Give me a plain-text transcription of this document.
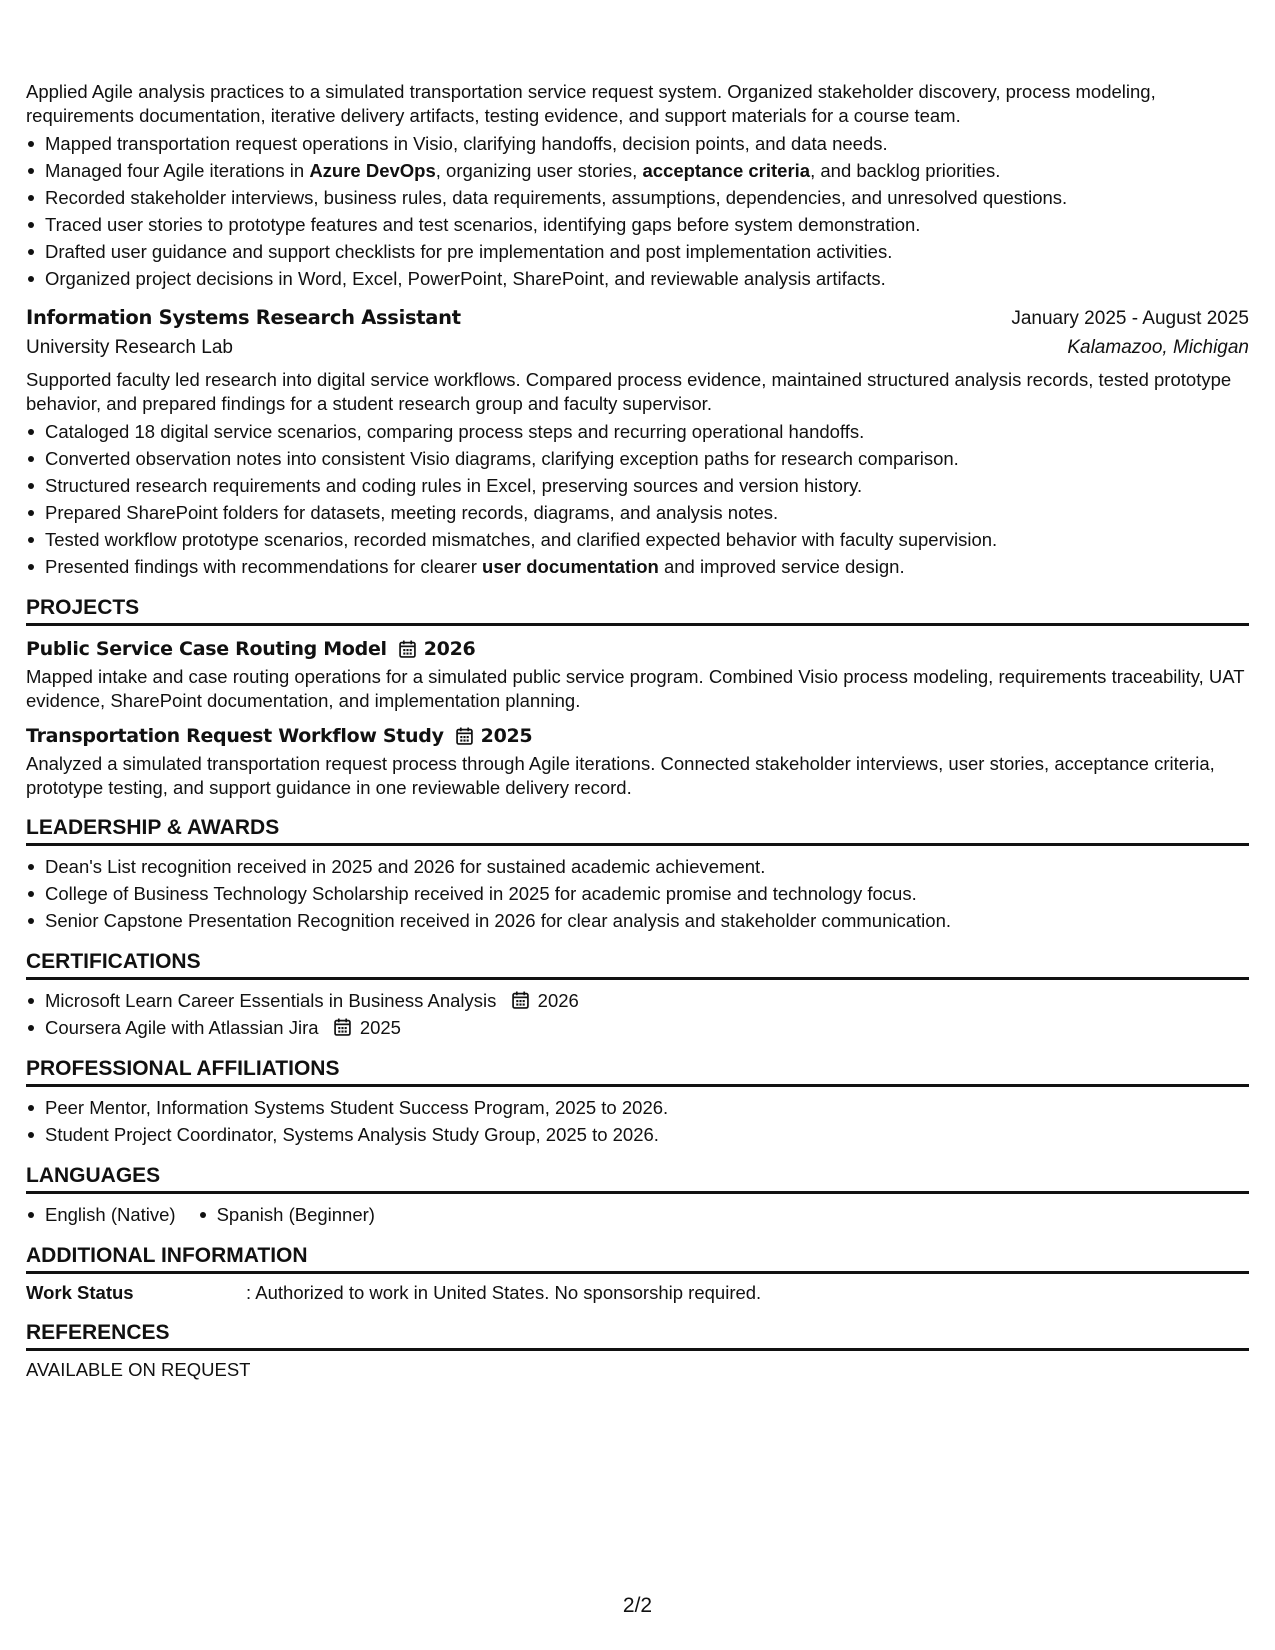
Applied Agile analysis practices to a simulated transportation service request system. Organized stakeholder discovery, process modeling, requirements documentation, iterative delivery artifacts, testing evidence, and support materials for a course team.

Mapped transportation request operations in Visio, clarifying handoffs, decision points, and data needs.
Managed four Agile iterations in Azure DevOps, organizing user stories, acceptance criteria, and backlog priorities.
Recorded stakeholder interviews, business rules, data requirements, assumptions, dependencies, and unresolved questions.
Traced user stories to prototype features and test scenarios, identifying gaps before system demonstration.
Drafted user guidance and support checklists for pre implementation and post implementation activities.
Organized project decisions in Word, Excel, PowerPoint, SharePoint, and reviewable analysis artifacts.
Information Systems Research Assistant	January 2025 - August 2025
University Research Lab	Kalamazoo, Michigan

Supported faculty led research into digital service workflows. Compared process evidence, maintained structured analysis records, tested prototype behavior, and prepared findings for a student research group and faculty supervisor.

Cataloged 18 digital service scenarios, comparing process steps and recurring operational handoffs.
Converted observation notes into consistent Visio diagrams, clarifying exception paths for research comparison.
Structured research requirements and coding rules in Excel, preserving sources and version history.
Prepared SharePoint folders for datasets, meeting records, diagrams, and analysis notes.
Tested workflow prototype scenarios, recorded mismatches, and clarified expected behavior with faculty supervision.
Presented findings with recommendations for clearer user documentation and improved service design.
PROJECTS
Public Service Case Routing Model 2026

Mapped intake and case routing operations for a simulated public service program. Combined Visio process modeling, requirements traceability, UAT evidence, SharePoint documentation, and implementation planning.

Transportation Request Workflow Study 2025

Analyzed a simulated transportation request process through Agile iterations. Connected stakeholder interviews, user stories, acceptance criteria, prototype testing, and support guidance in one reviewable delivery record.

LEADERSHIP & AWARDS
Dean's List recognition received in 2025 and 2026 for sustained academic achievement.
College of Business Technology Scholarship received in 2025 for academic promise and technology focus.
Senior Capstone Presentation Recognition received in 2026 for clear analysis and stakeholder communication.
CERTIFICATIONS
Microsoft Learn Career Essentials in Business Analysis 2026
Coursera Agile with Atlassian Jira 2025
PROFESSIONAL AFFILIATIONS
Peer Mentor, Information Systems Student Success Program, 2025 to 2026.
Student Project Coordinator, Systems Analysis Study Group, 2025 to 2026.
LANGUAGES
English (Native)	Spanish (Beginner)
ADDITIONAL INFORMATION
Work Status	: Authorized to work in United States. No sponsorship required.
REFERENCES

AVAILABLE ON REQUEST

2/2
